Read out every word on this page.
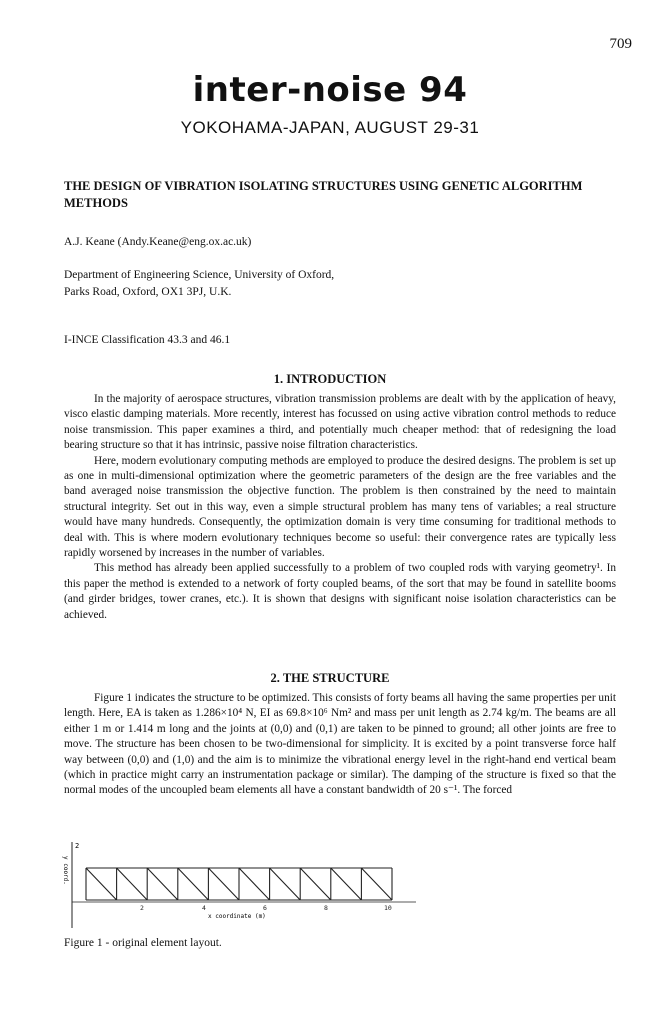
709
inter-noise 94
YOKOHAMA-JAPAN, AUGUST 29-31
THE DESIGN OF VIBRATION ISOLATING STRUCTURES USING GENETIC ALGORITHM
METHODS
A.J. Keane (Andy.Keane@eng.ox.ac.uk)
Department of Engineering Science, University of Oxford,
Parks Road, Oxford, OX1 3PJ, U.K.
I-INCE Classification 43.3 and 46.1
1. INTRODUCTION

In the majority of aerospace structures, vibration transmission problems are dealt with by the application of heavy, visco elastic damping materials. More recently, interest has focussed on using active vibration control methods to reduce noise transmission. This paper examines a third, and potentially much cheaper method: that of redesigning the load bearing structure so that it has intrinsic, passive noise filtration characteristics.

Here, modern evolutionary computing methods are employed to produce the desired designs. The problem is set up as one in multi-dimensional optimization where the geometric parameters of the design are the free variables and the band averaged noise transmission the objective function. The problem is then constrained by the need to maintain structural integrity. Set out in this way, even a simple structural problem has many tens of variables; a real structure would have many hundreds. Consequently, the optimization domain is very time consuming for traditional methods to deal with. This is where modern evolutionary techniques become so useful: their convergence rates are typically less rapidly worsened by increases in the number of variables.

This method has already been applied successfully to a problem of two coupled rods with varying geometry¹. In this paper the method is extended to a network of forty coupled beams, of the sort that may be found in satellite booms (and girder bridges, tower cranes, etc.). It is shown that designs with significant noise isolation characteristics can be achieved.

2. THE STRUCTURE

Figure 1 indicates the structure to be optimized. This consists of forty beams all having the same properties per unit length. Here, EA is taken as 1.286×10⁴ N, EI as 69.8×10⁶ Nm² and mass per unit length as 2.74 kg/m. The beams are all either 1 m or 1.414 m long and the joints at (0,0) and (0,1) are taken to be pinned to ground; all other joints are free to move. The structure has been chosen to be two-dimensional for simplicity. It is excited by a point transverse force half way between (0,0) and (1,0) and the aim is to minimize the vibrational energy level in the right-hand end vertical beam (which in practice might carry an instrumentation package or similar). The damping of the structure is fixed so that the normal modes of the uncoupled beam elements all have a constant bandwidth of 20 s⁻¹. The forced

2
y coord.
2	4	6	8	10
x coordinate (m)
Figure 1 - original element layout.
